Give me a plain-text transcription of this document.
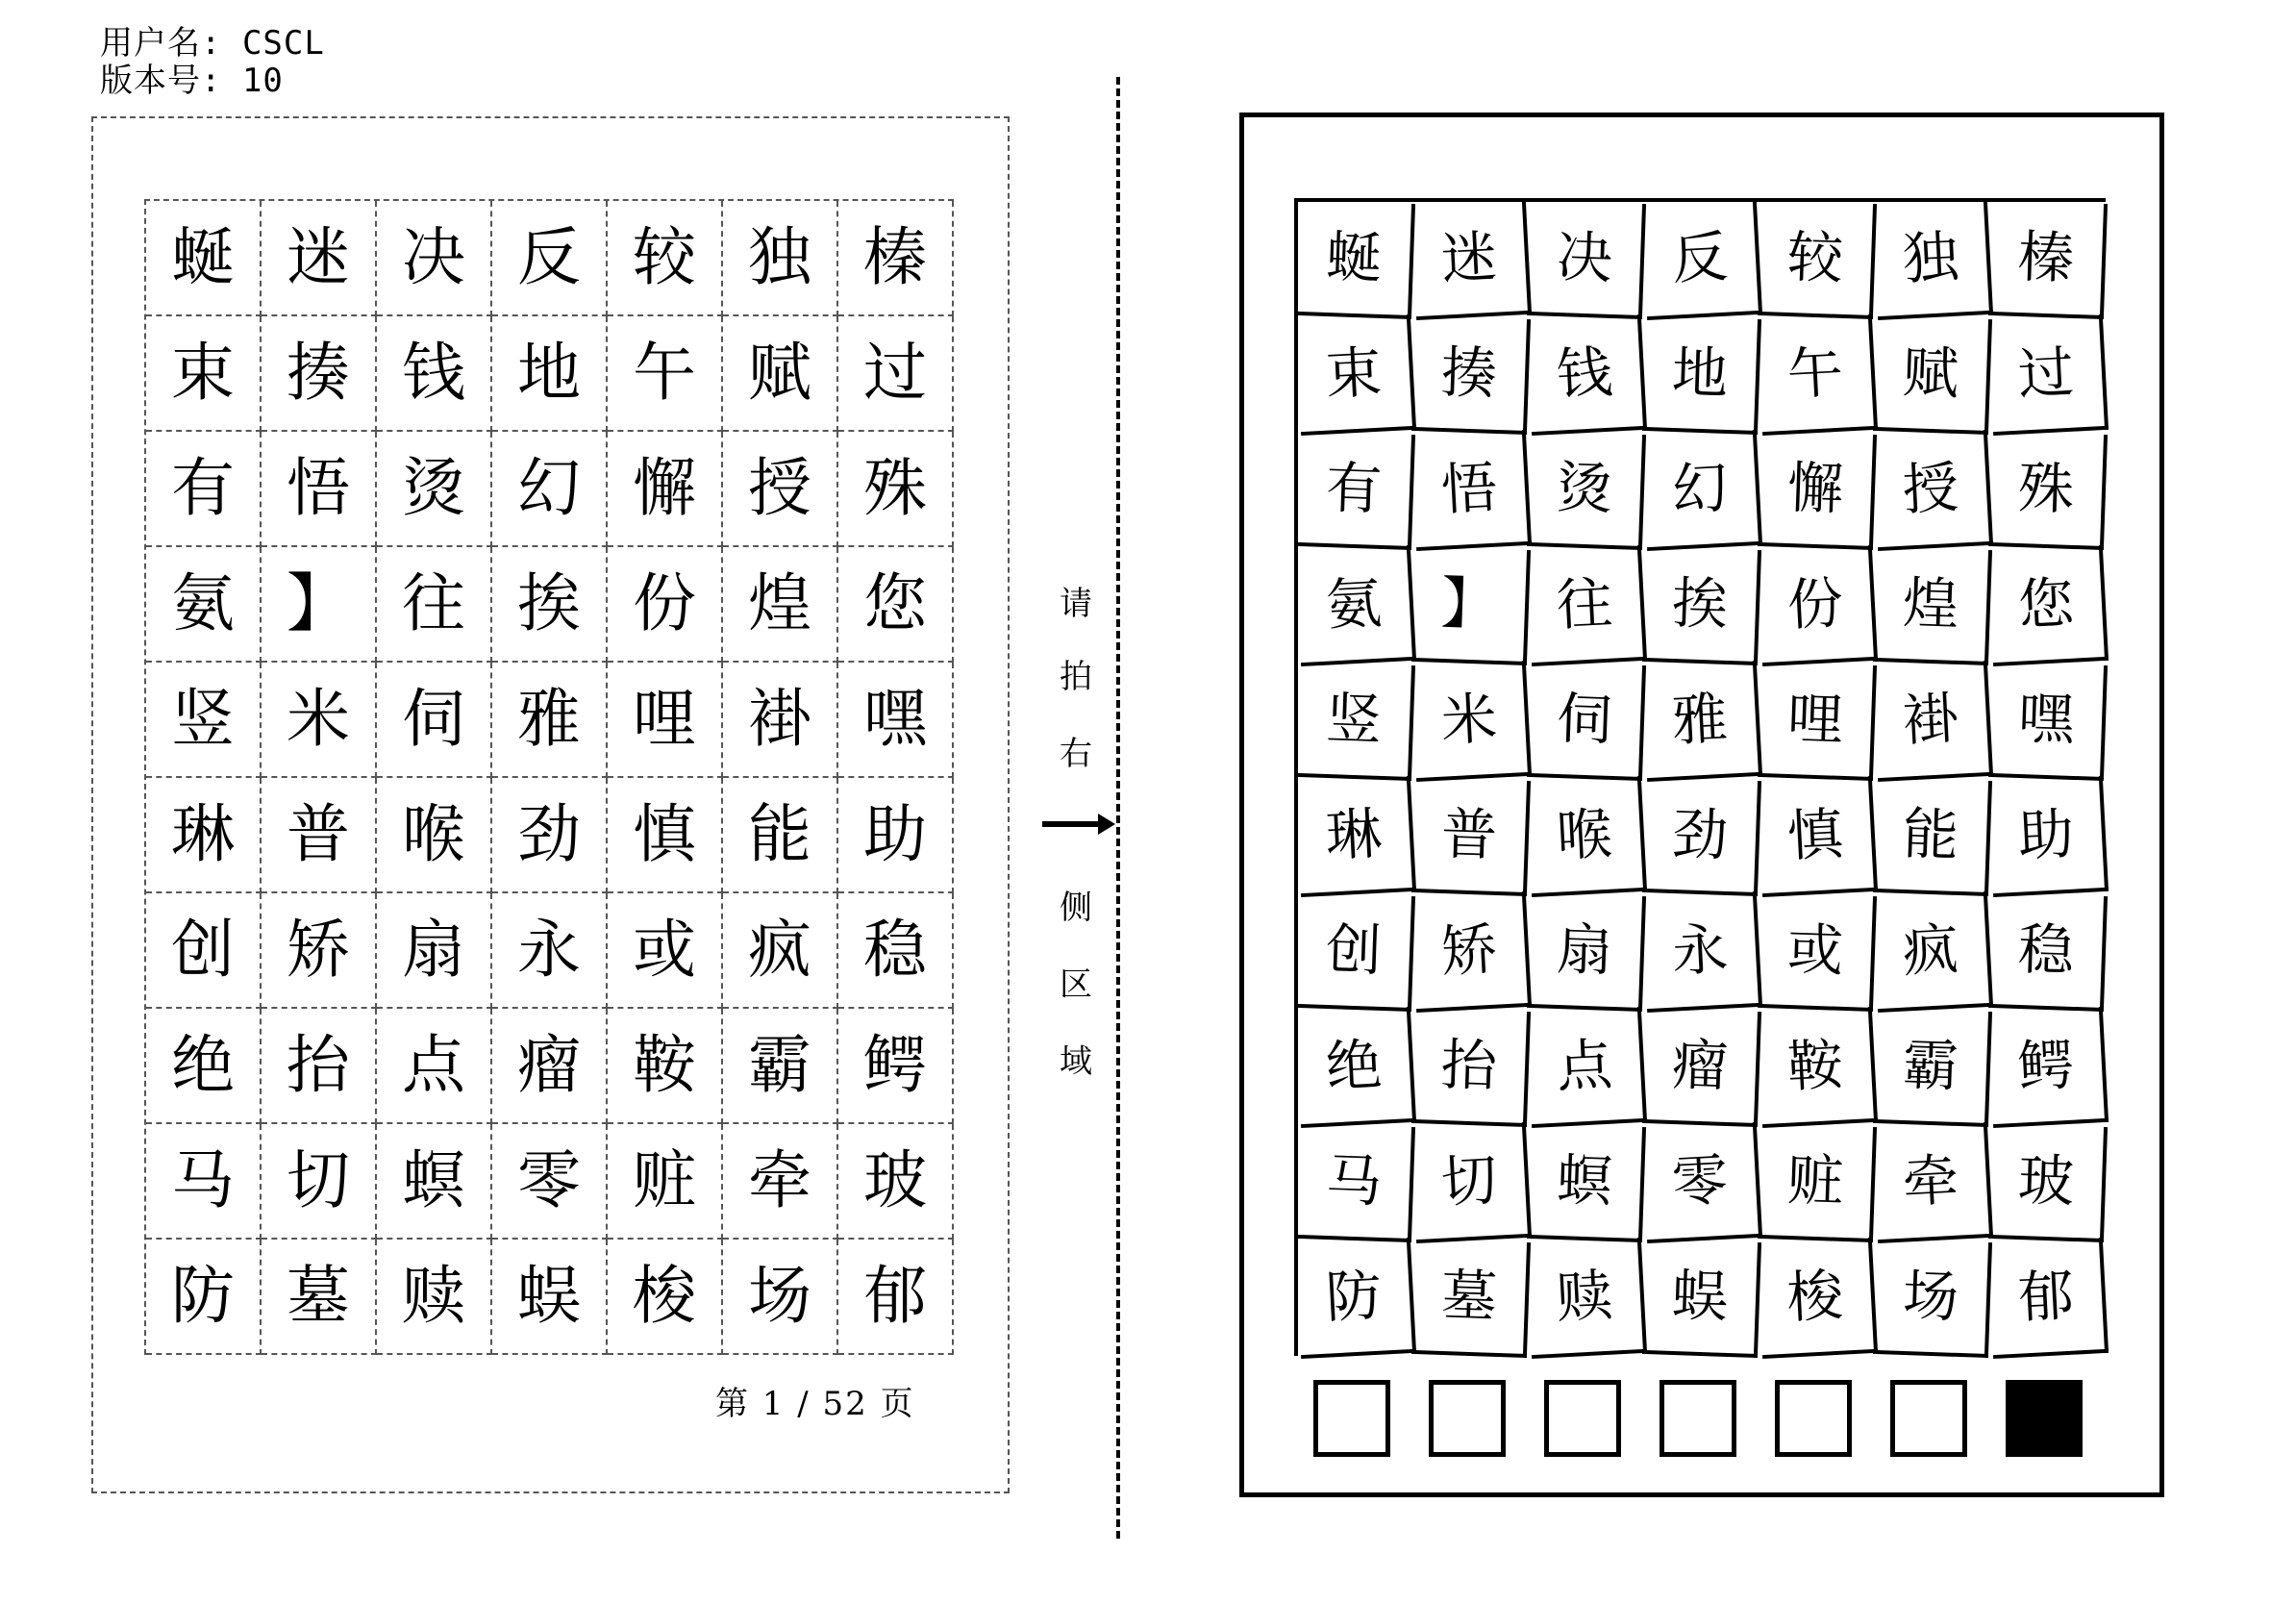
用户名: CSCL
版本号: 10
蜒 迷 决 反 较 独 榛
束 揍 钱 地 午 赋 过
有 悟 烫 幻 懈 授 殊
氨 】 往 挨 份 煌 您
竖 米 伺 雅 哩 褂 嘿
琳 普 喉 劲 慎 能 助
创 矫 扇 永 或 疯 稳
绝 抬 点 瘤 鞍 霸 鳄
马 切 螟 零 赃 牵 玻
防 墓 赎 蜈 梭 场 郁
第 1 / 52 页
请
拍
右
侧
区
域
蜒	迷	决	反	较	独	榛
束	揍	钱	地	午	赋	过
有	悟	烫	幻	懈	授	殊
氨	】	往	挨	份	煌	您
竖	米	伺	雅	哩	褂	嘿
琳	普	喉	劲	慎	能	助
创	矫	扇	永	或	疯	稳
绝	抬	点	瘤	鞍	霸	鳄
马	切	螟	零	赃	牵	玻
防	墓	赎	蜈	梭	场	郁
